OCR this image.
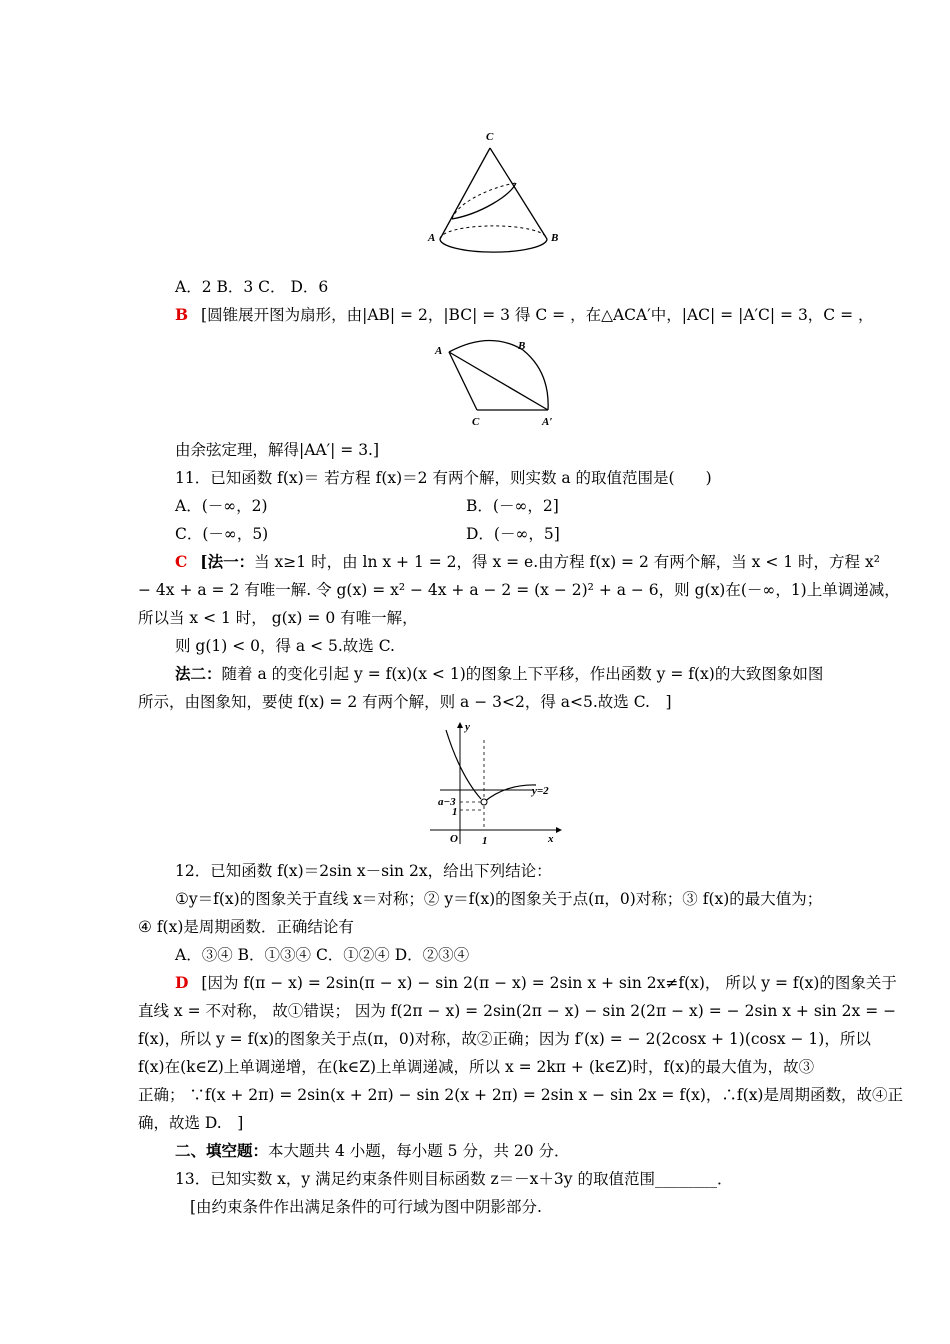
C
A	B
A．2 B．3 C． D．6
B [圆锥展开图为扇形，由|AB| = 2，|BC| = 3 得 C = ，在△ACA′中，|AC| = |A′C| = 3，C = ，
A	B
C	A′
由余弦定理，解得|AA′| = 3.]
11．已知函数 f(x)＝ 若方程 f(x)＝2 有两个解，则实数 a 的取值范围是(　　)
A．(－∞，2)	B．(－∞，2]
C．(－∞，5)	D．(－∞，5]
C [法一：当 x≥1 时，由 ln x + 1 = 2，得 x = e.由方程 f(x) = 2 有两个解，当 x < 1 时，方程 x²
− 4x + a = 2 有唯一解. 令 g(x) = x² − 4x + a − 2 = (x − 2)² + a − 6，则 g(x)在(－∞，1)上单调递减，
所以当 x < 1 时， g(x) = 0 有唯一解，
则 g(1) < 0，得 a < 5.故选 C.
法二：随着 a 的变化引起 y = f(x)(x < 1)的图象上下平移，作出函数 y = f(x)的大致图象如图
所示，由图象知，要使 f(x) = 2 有两个解，则 a − 3<2，得 a<5.故选 C.　]
y
x
y=2
a−3
1
O 1
12．已知函数 f(x)＝2sin x－sin 2x，给出下列结论：
①y＝f(x)的图象关于直线 x＝对称；② y＝f(x)的图象关于点(π，0)对称；③ f(x)的最大值为；
④ f(x)是周期函数．正确结论有
A．③④ B．①③④ C．①②④ D．②③④
D [因为 f(π − x) = 2sin(π − x) − sin 2(π − x) = 2sin x + sin 2x≠f(x)， 所以 y = f(x)的图象关于
直线 x = 不对称， 故①错误； 因为 f(2π − x) = 2sin(2π − x) − sin 2(2π − x) = − 2sin x + sin 2x = −
f(x)，所以 y = f(x)的图象关于点(π，0)对称，故②正确；因为 f′(x) = − 2(2cosx + 1)(cosx − 1)，所以
f(x)在(k∈Z)上单调递增，在(k∈Z)上单调递减，所以 x = 2kπ + (k∈Z)时，f(x)的最大值为，故③
正确； ∵f(x + 2π) = 2sin(x + 2π) − sin 2(x + 2π) = 2sin x − sin 2x = f(x)，∴f(x)是周期函数，故④正
确，故选 D.　]
二、填空题：本大题共 4 小题，每小题 5 分，共 20 分．
13．已知实数 x，y 满足约束条件则目标函数 z＝－x＋3y 的取值范围________．
[由约束条件作出满足条件的可行域为图中阴影部分.
